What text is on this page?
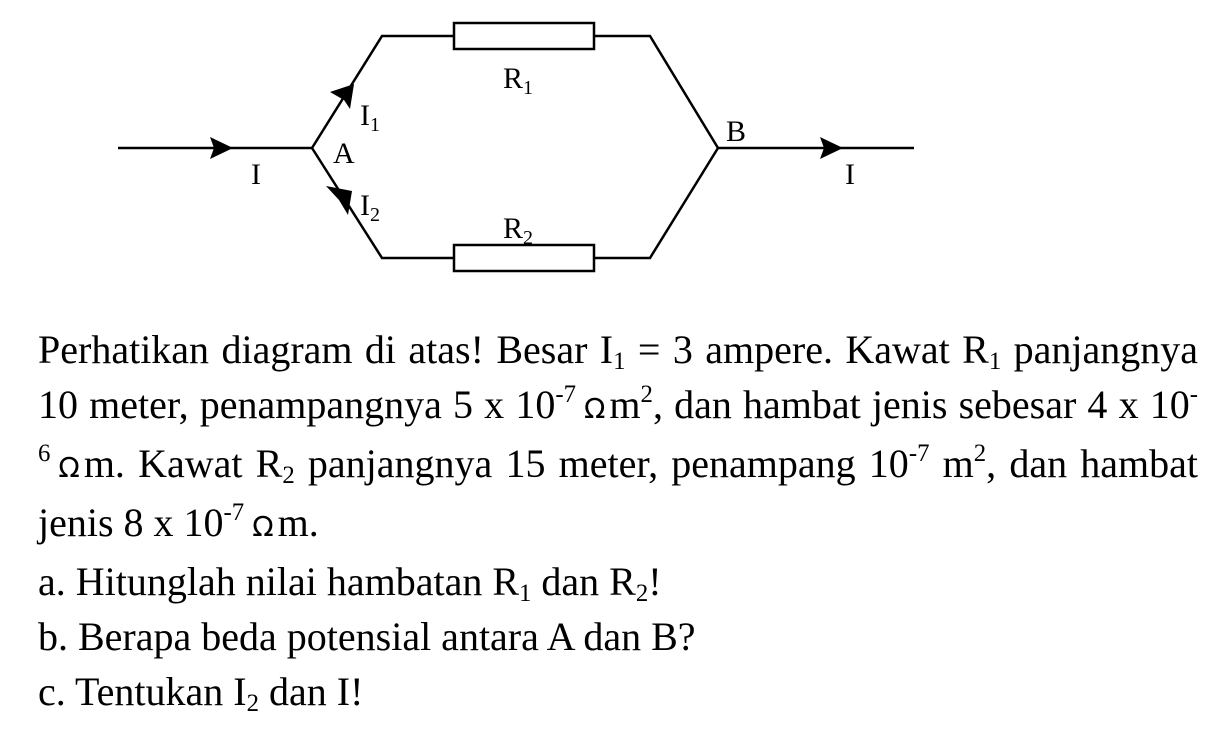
$I_1$
$I_2$
$R_1$
$R_2$
A
B
I	I
Perhatikan diagram di atas! Besar $I_1 = 3$ ampere. Kawat $R_1$ panjangnya 10 meter, penampangnya 5 x $10^{-7}$ Ω $m^2$, dan hambat jenis sebesar 4 x $10^{-6}$ Ω m. Kawat $R_2$ panjangnya 15 meter, penampang $10^{-7}$ $m^2$, dan hambat jenis 8 x $10^{-7}$ Ω m.
a. Hitunglah nilai hambatan $R_1$ dan $R_2$!
b. Berapa beda potensial antara A dan B?
c. Tentukan $I_2$ dan I!
